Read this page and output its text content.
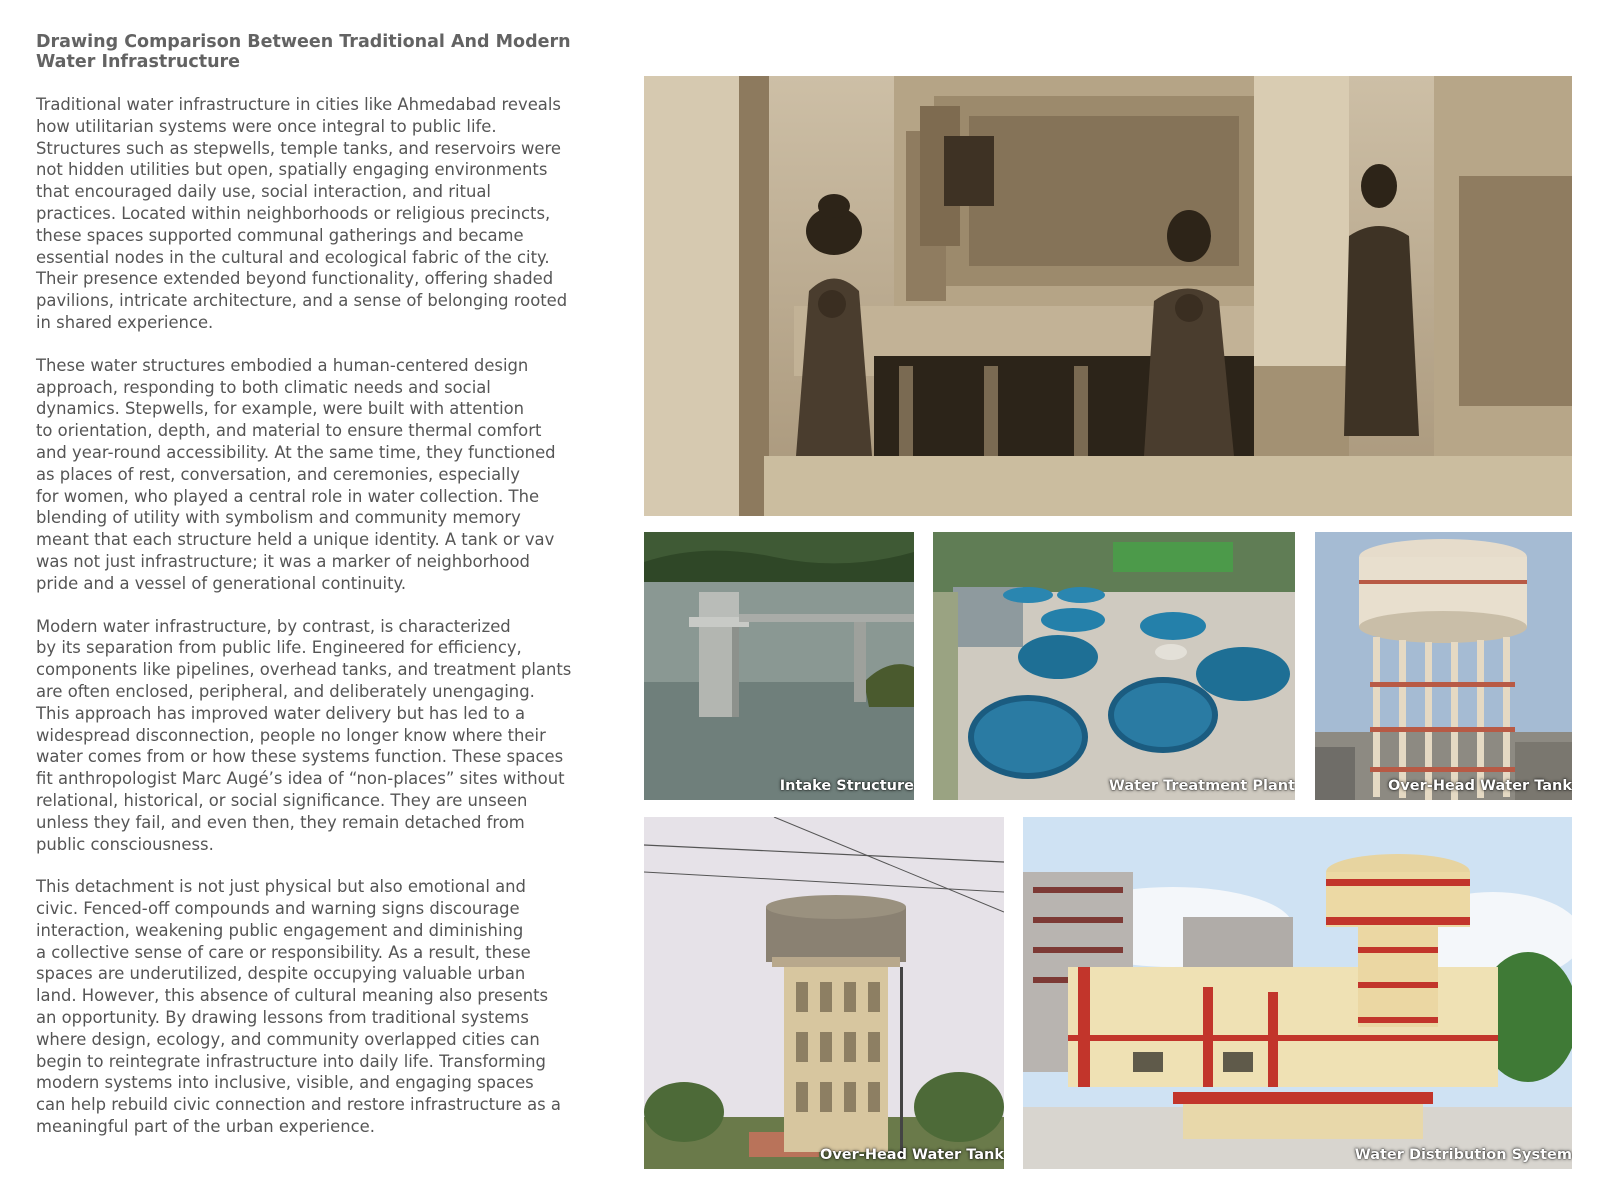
Drawing Comparison Between Traditional And Modern
Water Infrastructure

Traditional water infrastructure in cities like Ahmedabad reveals
how utilitarian systems were once integral to public life.
Structures such as stepwells, temple tanks, and reservoirs were
not hidden utilities but open, spatially engaging environments
that encouraged daily use, social interaction, and ritual
practices. Located within neighborhoods or religious precincts,
these spaces supported communal gatherings and became
essential nodes in the cultural and ecological fabric of the city.
Their presence extended beyond functionality, offering shaded
pavilions, intricate architecture, and a sense of belonging rooted
in shared experience.

These water structures embodied a human-centered design
approach, responding to both climatic needs and social
dynamics. Stepwells, for example, were built with attention
to orientation, depth, and material to ensure thermal comfort
and year-round accessibility. At the same time, they functioned
as places of rest, conversation, and ceremonies, especially
for women, who played a central role in water collection. The
blending of utility with symbolism and community memory
meant that each structure held a unique identity. A tank or vav
was not just infrastructure; it was a marker of neighborhood
pride and a vessel of generational continuity.

Modern water infrastructure, by contrast, is characterized
by its separation from public life. Engineered for efficiency,
components like pipelines, overhead tanks, and treatment plants
are often enclosed, peripheral, and deliberately unengaging.
This approach has improved water delivery but has led to a
widespread disconnection, people no longer know where their
water comes from or how these systems function. These spaces
fit anthropologist Marc Augé’s idea of “non-places” sites without
relational, historical, or social significance. They are unseen
unless they fail, and even then, they remain detached from
public consciousness.

This detachment is not just physical but also emotional and
civic. Fenced-off compounds and warning signs discourage
interaction, weakening public engagement and diminishing
a collective sense of care or responsibility. As a result, these
spaces are underutilized, despite occupying valuable urban
land. However, this absence of cultural meaning also presents
an opportunity. By drawing lessons from traditional systems
where design, ecology, and community overlapped cities can
begin to reintegrate infrastructure into daily life. Transforming
modern systems into inclusive, visible, and engaging spaces
can help rebuild civic connection and restore infrastructure as a
meaningful part of the urban experience.

Intake Structure	Water Treatment Plant	Over-Head Water Tank
Over-Head Water Tank	Water Distribution System
